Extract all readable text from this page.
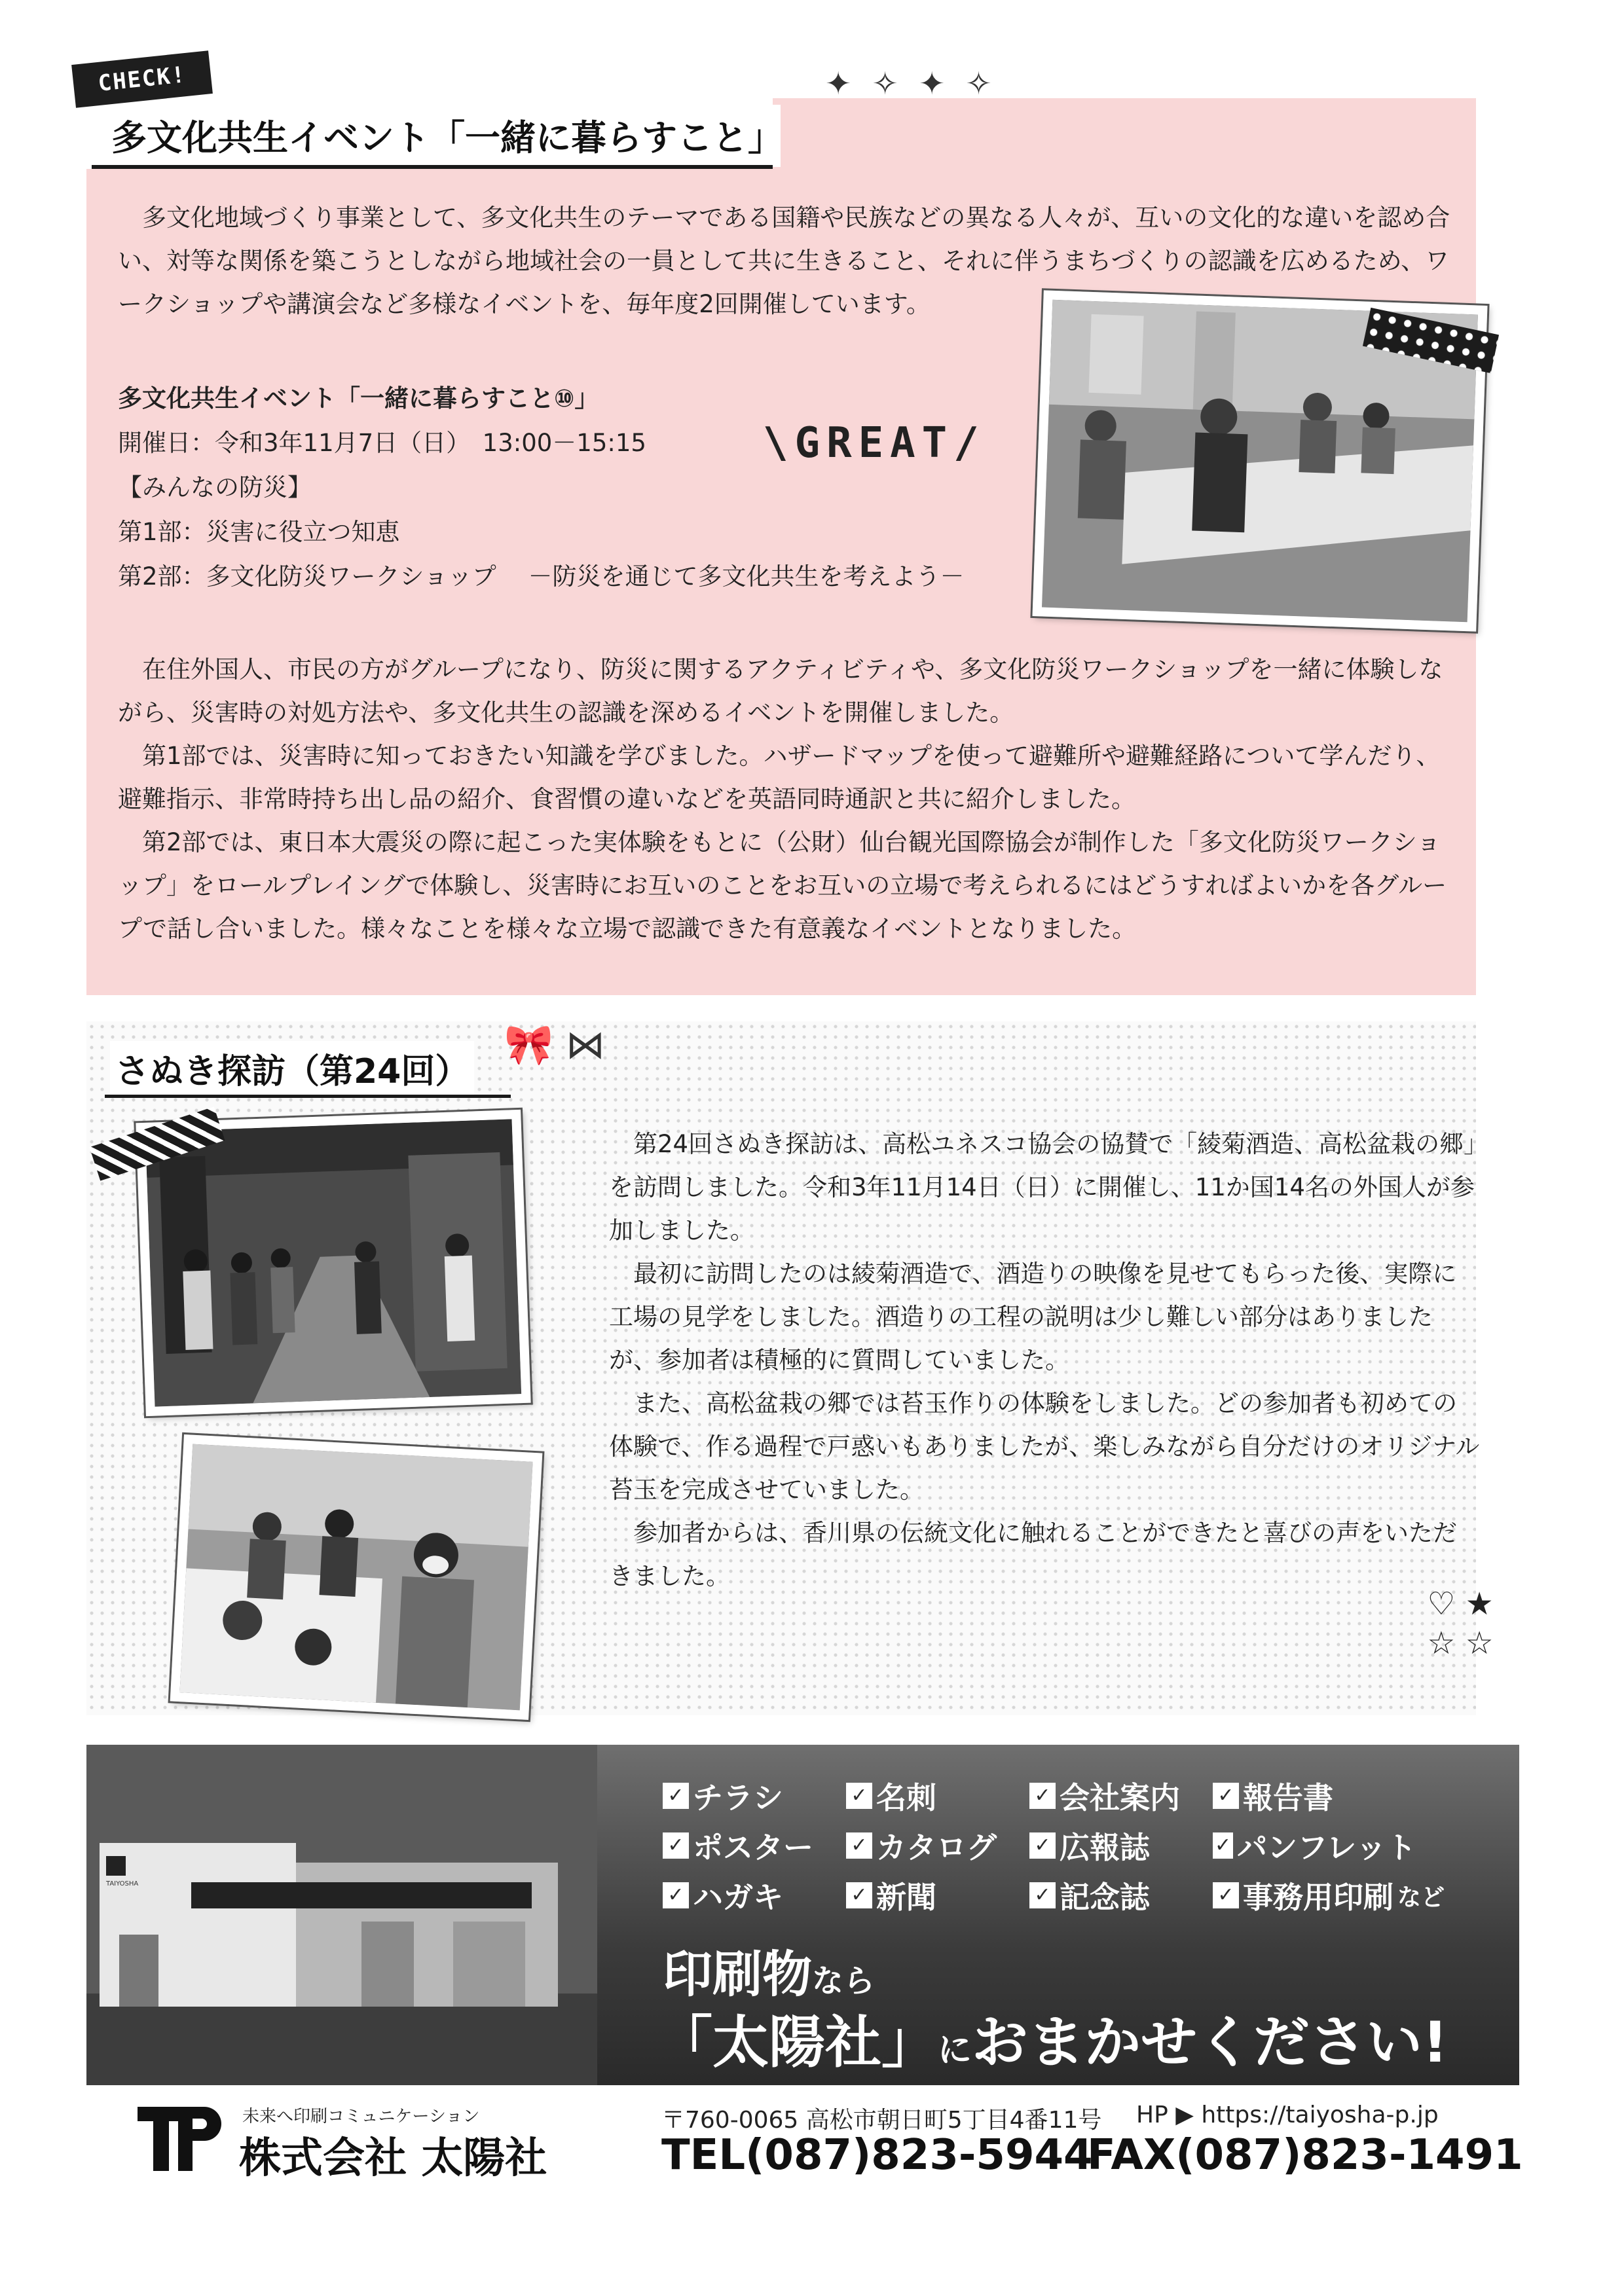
CHECK!
多文化共生イベント「一緒に暮らすこと」
✦ ✧ ✦ ✧

多文化地域づくり事業として、多文化共生のテーマである国籍や民族などの異なる人々が、互いの文化的な違いを認め合い、対等な関係を築こうとしながら地域社会の一員として共に生きること、それに伴うまちづくりの認識を広めるため、ワークショップや講演会など多様なイベントを、毎年度2回開催しています。

多文化共生イベント「一緒に暮らすこと⑩」
開催日：令和3年11月7日（日）　13:00－15:15
【みんなの防災】
第1部：災害に役立つ知恵
第2部：多文化防災ワークショップ　 －防災を通じて多文化共生を考えよう－
\GREAT/

在住外国人、市民の方がグループになり、防災に関するアクティビティや、多文化防災ワークショップを一緒に体験しながら、災害時の対処方法や、多文化共生の認識を深めるイベントを開催しました。

第1部では、災害時に知っておきたい知識を学びました。ハザードマップを使って避難所や避難経路について学んだり、避難指示、非常時持ち出し品の紹介、食習慣の違いなどを英語同時通訳と共に紹介しました。

第2部では、東日本大震災の際に起こった実体験をもとに（公財）仙台観光国際協会が制作した「多文化防災ワークショップ」をロールプレイングで体験し、災害時にお互いのことをお互いの立場で考えられるにはどうすればよいかを各グループで話し合いました。様々なことを様々な立場で認識できた有意義なイベントとなりました。

さぬき探訪（第24回）
🎀 ⋈

第24回さぬき探訪は、高松ユネスコ協会の協賛で「綾菊酒造、高松盆栽の郷」を訪問しました。令和3年11月14日（日）に開催し、11か国14名の外国人が参加しました。

最初に訪問したのは綾菊酒造で、酒造りの映像を見せてもらった後、実際に工場の見学をしました。酒造りの工程の説明は少し難しい部分はありましたが、参加者は積極的に質問していました。

また、高松盆栽の郷では苔玉作りの体験をしました。どの参加者も初めての体験で、作る過程で戸惑いもありましたが、楽しみながら自分だけのオリジナル苔玉を完成させていました。

参加者からは、香川県の伝統文化に触れることができたと喜びの声をいただきました。

♡ ★ ☆ ☆
TAIYOSHA
✓ チラシ	✓ 名刺	✓ 会社案内 ✓ 報告書
✓ ポスター ✓ カタログ ✓ 広報誌	✓ パンフレット
✓ ハガキ	✓ 新聞	✓ 記念誌	✓ 事務用印刷 など
印刷物なら
「太陽社」におまかせください!
未来へ印刷コミュニケーション
株式会社 太陽社
〒760-0065 高松市朝日町5丁目4番11号 HP ▶ https://taiyosha-p.jp
TEL(087)823-5944
FAX(087)823-1491
